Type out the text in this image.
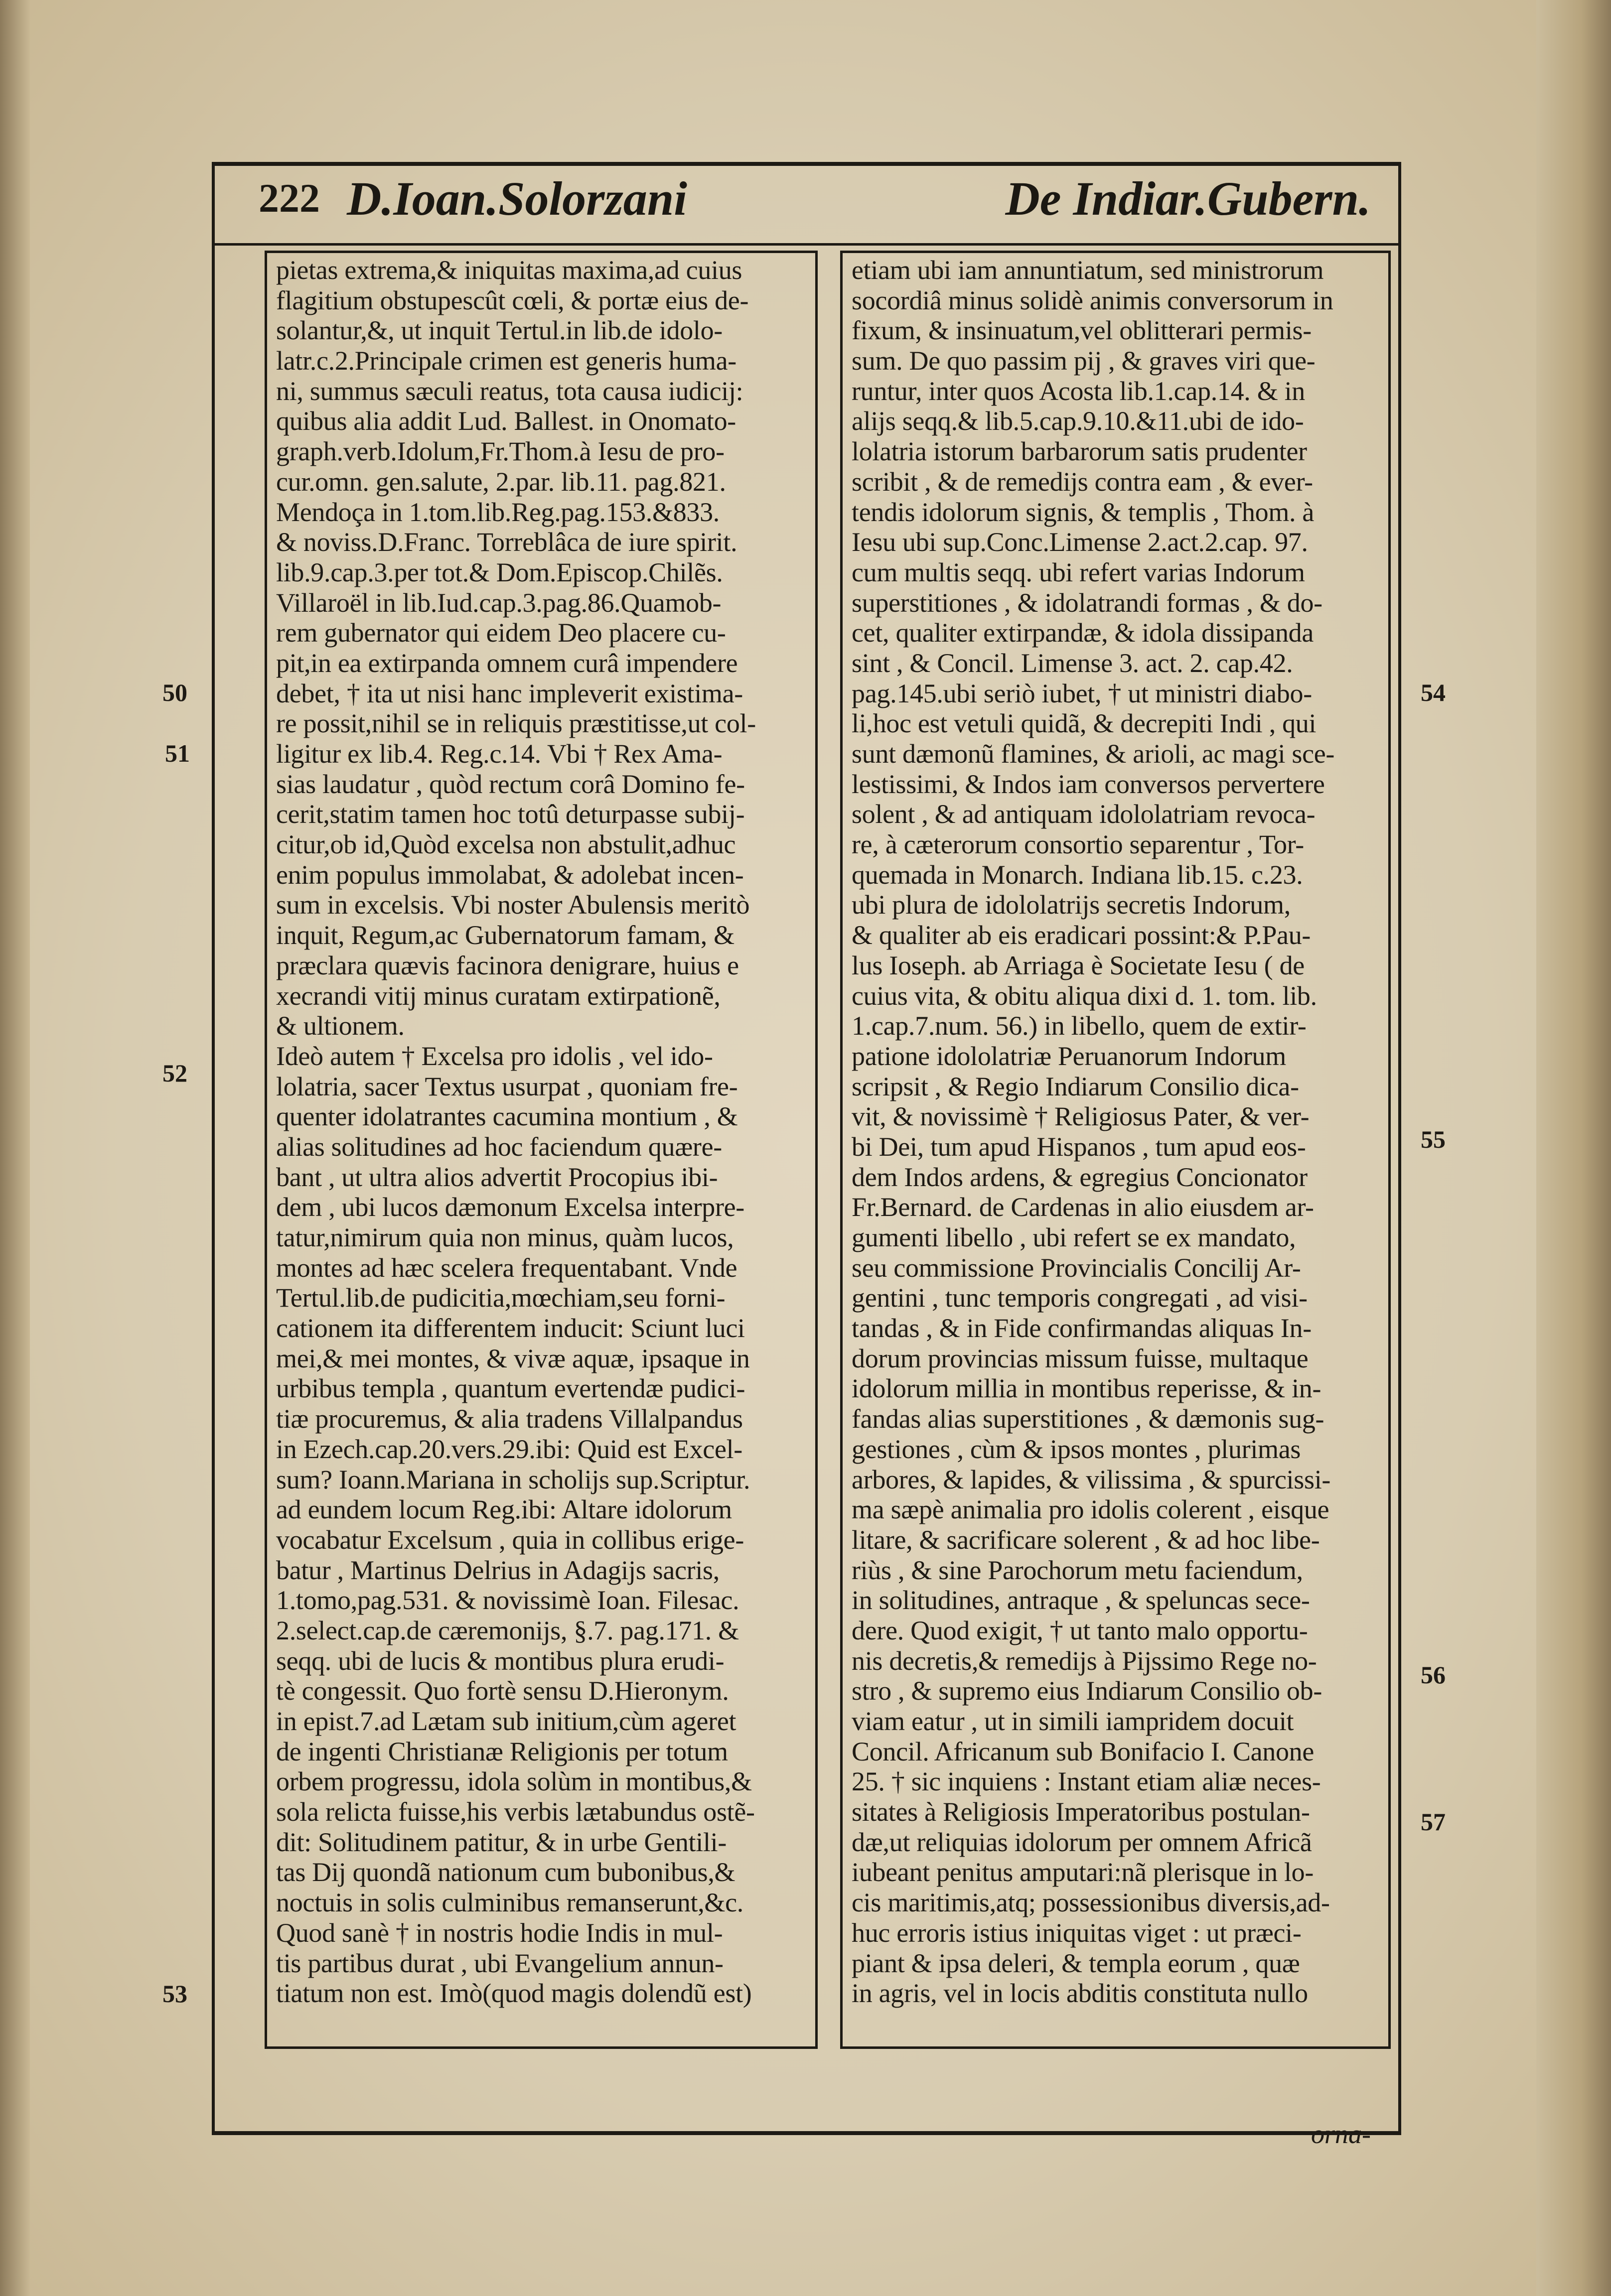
222 D.Ioan.Solorzani	De Indiar.Gubern.
pietas extrema,& iniquitas maxima,ad cuius
flagitium obstupescût cœli, & portæ eius de-
solantur,&, ut inquit Tertul.in lib.de idolo-
latr.c.2.Principale crimen est generis huma-
ni, summus sæculi reatus, tota causa iudicij:
quibus alia addit Lud. Ballest. in Onomato-
graph.verb.Idolum,Fr.Thom.à Iesu de pro-
cur.omn. gen.salute, 2.par. lib.11. pag.821.
Mendoça in 1.tom.lib.Reg.pag.153.&833.
& noviss.D.Franc. Torreblâca de iure spirit.
lib.9.cap.3.per tot.& Dom.Episcop.Chilẽs.
Villaroël in lib.Iud.cap.3.pag.86.Quamob-
rem gubernator qui eidem Deo placere cu-
pit,in ea extirpanda omnem curâ impendere
debet, † ita ut nisi hanc impleverit existima-
re possit,nihil se in reliquis præstitisse,ut col-
ligitur ex lib.4. Reg.c.14. Vbi † Rex Ama-
sias laudatur , quòd rectum corâ Domino fe-
cerit,statim tamen hoc totû deturpasse subij-
citur,ob id,Quòd excelsa non abstulit,adhuc
enim populus immolabat, & adolebat incen-
sum in excelsis. Vbi noster Abulensis meritò
inquit, Regum,ac Gubernatorum famam, &
præclara quævis facinora denigrare, huius e
xecrandi vitij minus curatam extirpationẽ,
& ultionem.
Ideò autem † Excelsa pro idolis , vel ido-
lolatria, sacer Textus usurpat , quoniam fre-
quenter idolatrantes cacumina montium , &
alias solitudines ad hoc faciendum quære-
bant , ut ultra alios advertit Procopius ibi-
dem , ubi lucos dæmonum Excelsa interpre-
tatur,nimirum quia non minus, quàm lucos,
montes ad hæc scelera frequentabant. Vnde
Tertul.lib.de pudicitia,mœchiam,seu forni-
cationem ita differentem inducit: Sciunt luci
mei,& mei montes, & vivæ aquæ, ipsaque in
urbibus templa , quantum evertendæ pudici-
tiæ procuremus, & alia tradens Villalpandus
in Ezech.cap.20.vers.29.ibi: Quid est Excel-
sum? Ioann.Mariana in scholijs sup.Scriptur.
ad eundem locum Reg.ibi: Altare idolorum
vocabatur Excelsum , quia in collibus erige-
batur , Martinus Delrius in Adagijs sacris,
1.tomo,pag.531. & novissimè Ioan. Filesac.
2.select.cap.de cæremonijs, §.7. pag.171. &
seqq. ubi de lucis & montibus plura erudi-
tè congessit. Quo fortè sensu D.Hieronym.
in epist.7.ad Lætam sub initium,cùm ageret
de ingenti Christianæ Religionis per totum
orbem progressu, idola solùm in montibus,&
sola relicta fuisse,his verbis lætabundus ostẽ-
dit: Solitudinem patitur, & in urbe Gentili-
tas Dij quondã nationum cum bubonibus,&
noctuis in solis culminibus remanserunt,&c.
Quod sanè † in nostris hodie Indis in mul-
tis partibus durat , ubi Evangelium annun-
tiatum non est. Imò(quod magis dolendũ est)
etiam ubi iam annuntiatum, sed ministrorum
socordiâ minus solidè animis conversorum in
fixum, & insinuatum,vel oblitterari permis-
sum. De quo passim pij , & graves viri que-
runtur, inter quos Acosta lib.1.cap.14. & in
alijs seqq.& lib.5.cap.9.10.&11.ubi de ido-
lolatria istorum barbarorum satis prudenter
scribit , & de remedijs contra eam , & ever-
tendis idolorum signis, & templis , Thom. à
Iesu ubi sup.Conc.Limense 2.act.2.cap. 97.
cum multis seqq. ubi refert varias Indorum
superstitiones , & idolatrandi formas , & do-
cet, qualiter extirpandæ, & idola dissipanda
sint , & Concil. Limense 3. act. 2. cap.42.
pag.145.ubi seriò iubet, † ut ministri diabo-
li,hoc est vetuli quidã, & decrepiti Indi , qui
sunt dæmonũ flamines, & arioli, ac magi sce-
lestissimi, & Indos iam conversos pervertere
solent , & ad antiquam idololatriam revoca-
re, à cæterorum consortio separentur , Tor-
quemada in Monarch. Indiana lib.15. c.23.
ubi plura de idololatrijs secretis Indorum,
& qualiter ab eis eradicari possint:& P.Pau-
lus Ioseph. ab Arriaga è Societate Iesu ( de
cuius vita, & obitu aliqua dixi d. 1. tom. lib.
1.cap.7.num. 56.) in libello, quem de extir-
patione idololatriæ Peruanorum Indorum
scripsit , & Regio Indiarum Consilio dica-
vit, & novissimè † Religiosus Pater, & ver-
bi Dei, tum apud Hispanos , tum apud eos-
dem Indos ardens, & egregius Concionator
Fr.Bernard. de Cardenas in alio eiusdem ar-
gumenti libello , ubi refert se ex mandato,
seu commissione Provincialis Concilij Ar-
gentini , tunc temporis congregati , ad visi-
tandas , & in Fide confirmandas aliquas In-
dorum provincias missum fuisse, multaque
idolorum millia in montibus reperisse, & in-
fandas alias superstitiones , & dæmonis sug-
gestiones , cùm & ipsos montes , plurimas
arbores, & lapides, & vilissima , & spurcissi-
ma sæpè animalia pro idolis colerent , eisque
litare, & sacrificare solerent , & ad hoc libe-
riùs , & sine Parochorum metu faciendum,
in solitudines, antraque , & speluncas sece-
dere. Quod exigit, † ut tanto malo opportu-
nis decretis,& remedijs à Pijssimo Rege no-
stro , & supremo eius Indiarum Consilio ob-
viam eatur , ut in simili iampridem docuit
Concil. Africanum sub Bonifacio I. Canone
25. † sic inquiens : Instant etiam aliæ neces-
sitates à Religiosis Imperatoribus postulan-
dæ,ut reliquias idolorum per omnem Africã
iubeant penitus amputari:nã plerisque in lo-
cis maritimis,atq; possessionibus diversis,ad-
huc erroris istius iniquitas viget : ut præci-
piant & ipsa deleri, & templa eorum , quæ
in agris, vel in locis abditis constituta nullo
50
51
52
53
54
55
56
57
orna-
